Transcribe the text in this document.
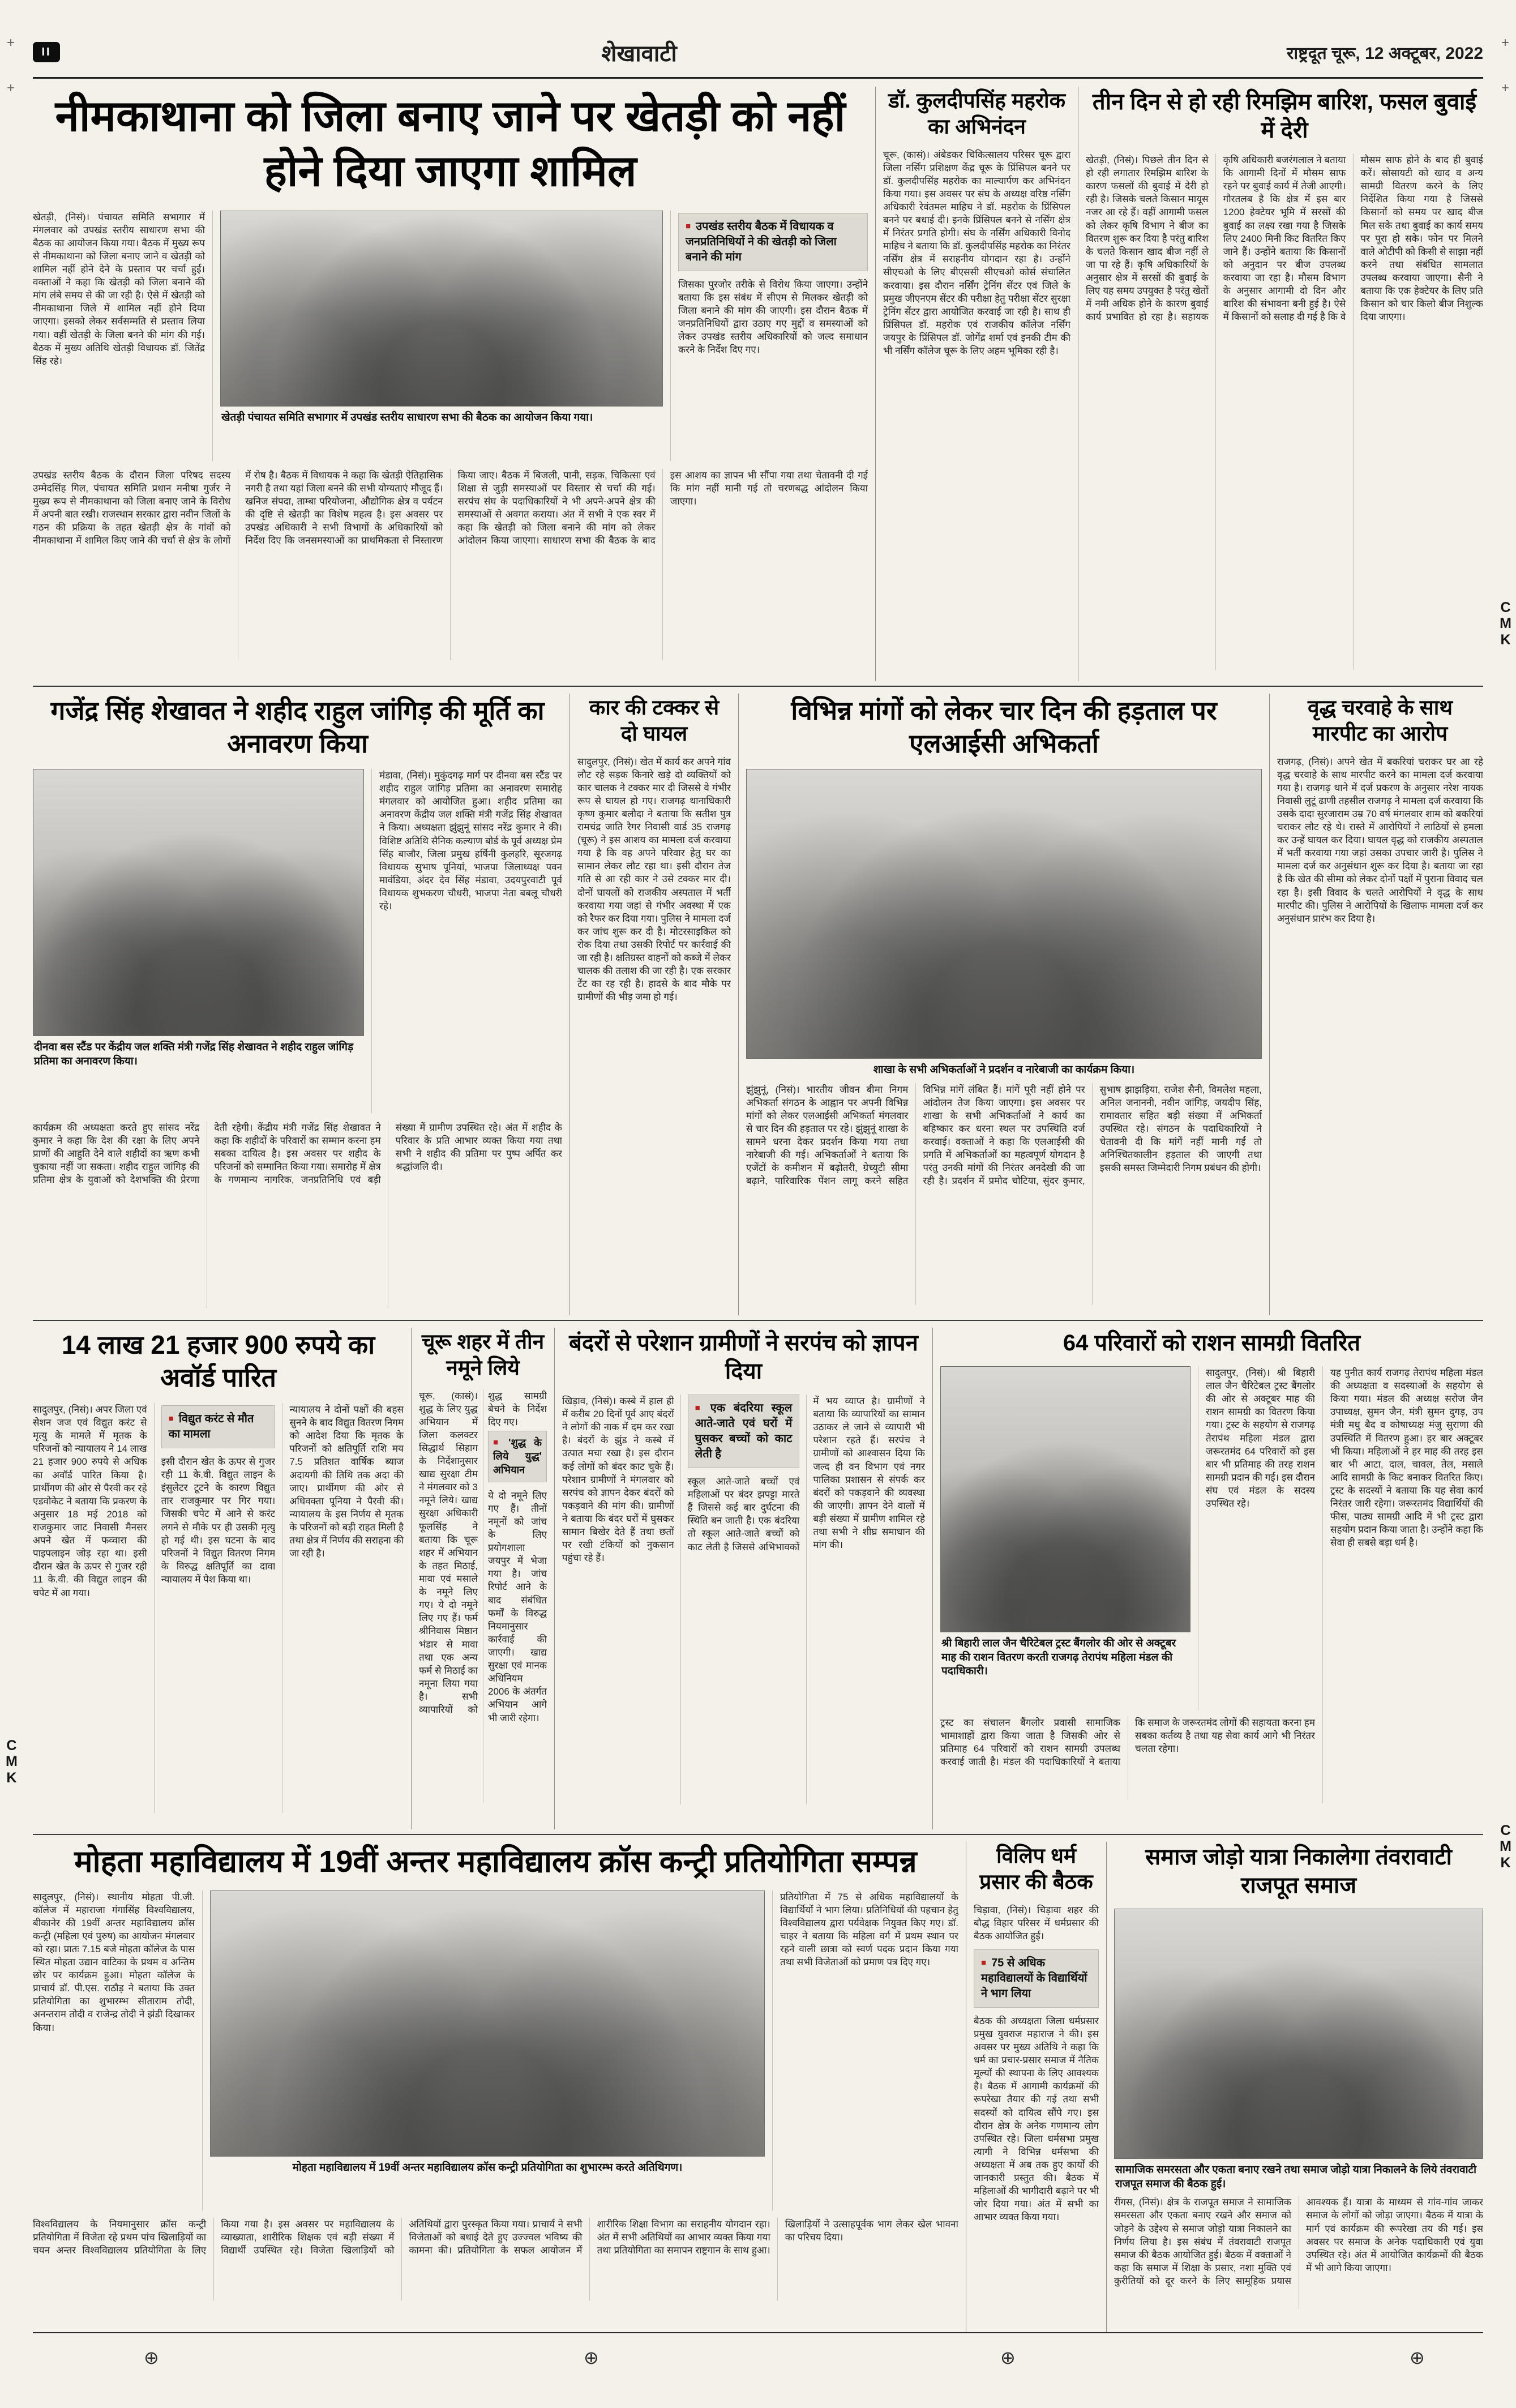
+	+
+	+
C
M
K
C
M
K
C
M
K
II	शेखावाटी	राष्ट्रदूत चूरू, 12 अक्टूबर, 2022
नीमकाथाना को जिला बनाए जाने पर खेतड़ी को नहीं होने दिया जाएगा शामिल
खेतड़ी, (निसं)। पंचायत समिति सभागार में मंगलवार को उपखंड स्तरीय साधारण सभा की बैठक का आयोजन किया गया। बैठक में मुख्य रूप से नीमकाथाना को जिला बनाए जाने व खेतड़ी को शामिल नहीं होने देने के प्रस्ताव पर चर्चा हुई। वक्ताओं ने कहा कि खेतड़ी को जिला बनाने की मांग लंबे समय से की जा रही है। ऐसे में खेतड़ी को नीमकाथाना जिले में शामिल नहीं होने दिया जाएगा। इसको लेकर सर्वसम्मति से प्रस्ताव लिया गया। वहीं खेतड़ी के जिला बनने की मांग की गई। बैठक में मुख्य अतिथि खेतड़ी विधायक डॉ. जितेंद्र सिंह रहे।
खेतड़ी पंचायत समिति सभागार में उपखंड स्तरीय साधारण सभा की बैठक का आयोजन किया गया।
■ उपखंड स्तरीय बैठक में विधायक व जनप्रतिनिधियों ने की खेतड़ी को जिला बनाने की मांग
जिसका पुरजोर तरीके से विरोध किया जाएगा। उन्होंने बताया कि इस संबंध में सीएम से मिलकर खेतड़ी को जिला बनाने की मांग की जाएगी। इस दौरान बैठक में जनप्रतिनिधियों द्वारा उठाए गए मुद्दों व समस्याओं को लेकर उपखंड स्तरीय अधिकारियों को जल्द समाधान करने के निर्देश दिए गए।
उपखंड स्तरीय बैठक के दौरान जिला परिषद सदस्य उम्मेदसिंह गिल, पंचायत समिति प्रधान मनीषा गुर्जर ने मुख्य रूप से नीमकाथाना को जिला बनाए जाने के विरोध में अपनी बात रखी। राजस्थान सरकार द्वारा नवीन जिलों के गठन की प्रक्रिया के तहत खेतड़ी क्षेत्र के गांवों को नीमकाथाना में शामिल किए जाने की चर्चा से क्षेत्र के लोगों में रोष है। बैठक में विधायक ने कहा कि खेतड़ी ऐतिहासिक नगरी है तथा यहां जिला बनने की सभी योग्यताएं मौजूद हैं। खनिज संपदा, ताम्बा परियोजना, औद्योगिक क्षेत्र व पर्यटन की दृष्टि से खेतड़ी का विशेष महत्व है। इस अवसर पर उपखंड अधिकारी ने सभी विभागों के अधिकारियों को निर्देश दिए कि जनसमस्याओं का प्राथमिकता से निस्तारण किया जाए। बैठक में बिजली, पानी, सड़क, चिकित्सा एवं शिक्षा से जुड़ी समस्याओं पर विस्तार से चर्चा की गई। सरपंच संघ के पदाधिकारियों ने भी अपने-अपने क्षेत्र की समस्याओं से अवगत कराया। अंत में सभी ने एक स्वर में कहा कि खेतड़ी को जिला बनाने की मांग को लेकर आंदोलन किया जाएगा। साधारण सभा की बैठक के बाद इस आशय का ज्ञापन भी सौंपा गया तथा चेतावनी दी गई कि मांग नहीं मानी गई तो चरणबद्ध आंदोलन किया जाएगा।
डॉ. कुलदीपसिंह महरोक का अभिनंदन
चूरू, (कासं)। अंबेडकर चिकित्सालय परिसर चूरू द्वारा जिला नर्सिंग प्रशिक्षण केंद्र चूरू के प्रिंसिपल बनने पर डॉ. कुलदीपसिंह महरोक का माल्यार्पण कर अभिनंदन किया गया। इस अवसर पर संघ के अध्यक्ष वरिष्ठ नर्सिंग अधिकारी रेवंतमल माहिच ने डॉ. महरोक के प्रिंसिपल बनने पर बधाई दी। इनके प्रिंसिपल बनने से नर्सिंग क्षेत्र में निरंतर प्रगति होगी। संघ के नर्सिंग अधिकारी विनोद माहिच ने बताया कि डॉ. कुलदीपसिंह महरोक का निरंतर नर्सिंग क्षेत्र में सराहनीय योगदान रहा है। उन्होंने सीएचओ के लिए बीएससी सीएचओ कोर्स संचालित करवाया। इस दौरान नर्सिंग ट्रेनिंग सेंटर एवं जिले के प्रमुख जीएनएम सेंटर की परीक्षा हेतु परीक्षा सेंटर सुरक्षा ट्रेनिंग सेंटर द्वारा आयोजित करवाई जा रही है। साथ ही प्रिंसिपल डॉ. महरोक एवं राजकीय कॉलेज नर्सिंग जयपुर के प्रिंसिपल डॉ. जोगेंद्र शर्मा एवं इनकी टीम की भी नर्सिंग कॉलेज चूरू के लिए अहम भूमिका रही है।
तीन दिन से हो रही रिमझिम बारिश, फसल बुवाई में देरी
खेतड़ी, (निसं)। पिछले तीन दिन से हो रही लगातार रिमझिम बारिश के कारण फसलों की बुवाई में देरी हो रही है। जिसके चलते किसान मायूस नजर आ रहे हैं। वहीं आगामी फसल को लेकर कृषि विभाग ने बीज का वितरण शुरू कर दिया है परंतु बारिश के चलते किसान खाद बीज नहीं ले जा पा रहे हैं। कृषि अधिकारियों के अनुसार क्षेत्र में सरसों की बुवाई के लिए यह समय उपयुक्त है परंतु खेतों में नमी अधिक होने के कारण बुवाई कार्य प्रभावित हो रहा है। सहायक कृषि अधिकारी बजरंगलाल ने बताया कि आगामी दिनों में मौसम साफ रहने पर बुवाई कार्य में तेजी आएगी। गौरतलब है कि क्षेत्र में इस बार 1200 हेक्टेयर भूमि में सरसों की बुवाई का लक्ष्य रखा गया है जिसके लिए 2400 मिनी किट वितरित किए जाने हैं। उन्होंने बताया कि किसानों को अनुदान पर बीज उपलब्ध करवाया जा रहा है। मौसम विभाग के अनुसार आगामी दो दिन और बारिश की संभावना बनी हुई है। ऐसे में किसानों को सलाह दी गई है कि वे मौसम साफ होने के बाद ही बुवाई करें। सोसायटी को खाद व अन्य सामग्री वितरण करने के लिए निर्देशित किया गया है जिससे किसानों को समय पर खाद बीज मिल सके तथा बुवाई का कार्य समय पर पूरा हो सके। फोन पर मिलने वाले ओटीपी को किसी से साझा नहीं करने तथा संबंधित सामलात उपलब्ध करवाया जाएगा। सैनी ने बताया कि एक हेक्टेयर के लिए प्रति किसान को चार किलो बीज निशुल्क दिया जाएगा।
गजेंद्र सिंह शेखावत ने शहीद राहुल जांगिड़ की मूर्ति का अनावरण किया
दीनवा बस स्टैंड पर केंद्रीय जल शक्ति मंत्री गजेंद्र सिंह शेखावत ने शहीद राहुल जांगिड़ प्रतिमा का अनावरण किया।
मंडावा, (निसं)। मुकुंदगढ़ मार्ग पर दीनवा बस स्टैंड पर शहीद राहुल जांगिड़ प्रतिमा का अनावरण समारोह मंगलवार को आयोजित हुआ। शहीद प्रतिमा का अनावरण केंद्रीय जल शक्ति मंत्री गजेंद्र सिंह शेखावत ने किया। अध्यक्षता झुंझुनूं सांसद नरेंद्र कुमार ने की। विशिष्ट अतिथि सैनिक कल्याण बोर्ड के पूर्व अध्यक्ष प्रेम सिंह बाजौर, जिला प्रमुख हर्षिनी कुलहरि, सूरजगढ़ विधायक सुभाष पूनियां, भाजपा जिलाध्यक्ष पवन मावंडिया, अंदर देव सिंह मंडावा, उदयपुरवाटी पूर्व विधायक शुभकरण चौधरी, भाजपा नेता बबलू चौधरी रहे।
कार्यक्रम की अध्यक्षता करते हुए सांसद नरेंद्र कुमार ने कहा कि देश की रक्षा के लिए अपने प्राणों की आहुति देने वाले शहीदों का ऋण कभी चुकाया नहीं जा सकता। शहीद राहुल जांगिड़ की प्रतिमा क्षेत्र के युवाओं को देशभक्ति की प्रेरणा देती रहेगी। केंद्रीय मंत्री गजेंद्र सिंह शेखावत ने कहा कि शहीदों के परिवारों का सम्मान करना हम सबका दायित्व है। इस अवसर पर शहीद के परिजनों को सम्मानित किया गया। समारोह में क्षेत्र के गणमान्य नागरिक, जनप्रतिनिधि एवं बड़ी संख्या में ग्रामीण उपस्थित रहे। अंत में शहीद के परिवार के प्रति आभार व्यक्त किया गया तथा सभी ने शहीद की प्रतिमा पर पुष्प अर्पित कर श्रद्धांजलि दी।
कार की टक्कर से दो घायल
सादुलपुर, (निसं)। खेत में कार्य कर अपने गांव लौट रहे सड़क किनारे खड़े दो व्यक्तियों को कार चालक ने टक्कर मार दी जिससे वे गंभीर रूप से घायल हो गए। राजगढ़ थानाधिकारी कृष्ण कुमार बलौदा ने बताया कि सतीश पुत्र रामचंद्र जाति रैगर निवासी वार्ड 35 राजगढ़ (चूरू) ने इस आशय का मामला दर्ज करवाया गया है कि वह अपने परिवार हेतु घर का सामान लेकर लौट रहा था। इसी दौरान तेज गति से आ रही कार ने उसे टक्कर मार दी। दोनों घायलों को राजकीय अस्पताल में भर्ती करवाया गया जहां से गंभीर अवस्था में एक को रैफर कर दिया गया। पुलिस ने मामला दर्ज कर जांच शुरू कर दी है। मोटरसाइकिल को रोक दिया तथा उसकी रिपोर्ट पर कार्रवाई की जा रही है। क्षतिग्रस्त वाहनों को कब्जे में लेकर चालक की तलाश की जा रही है। एक सरकार टेंट का रह रही है। हादसे के बाद मौके पर ग्रामीणों की भीड़ जमा हो गई।
विभिन्न मांगों को लेकर चार दिन की हड़ताल पर एलआईसी अभिकर्ता
शाखा के सभी अभिकर्ताओं ने प्रदर्शन व नारेबाजी का कार्यक्रम किया।
झुंझुनूं, (निसं)। भारतीय जीवन बीमा निगम अभिकर्ता संगठन के आह्वान पर अपनी विभिन्न मांगों को लेकर एलआईसी अभिकर्ता मंगलवार से चार दिन की हड़ताल पर रहे। झुंझुनूं शाखा के सामने धरना देकर प्रदर्शन किया गया तथा नारेबाजी की गई। अभिकर्ताओं ने बताया कि एजेंटों के कमीशन में बढ़ोतरी, ग्रेच्युटी सीमा बढ़ाने, पारिवारिक पेंशन लागू करने सहित विभिन्न मांगें लंबित हैं। मांगें पूरी नहीं होने पर आंदोलन तेज किया जाएगा। इस अवसर पर शाखा के सभी अभिकर्ताओं ने कार्य का बहिष्कार कर धरना स्थल पर उपस्थिति दर्ज करवाई। वक्ताओं ने कहा कि एलआईसी की प्रगति में अभिकर्ताओं का महत्वपूर्ण योगदान है परंतु उनकी मांगों की निरंतर अनदेखी की जा रही है। प्रदर्शन में प्रमोद चोटिया, सुंदर कुमार, सुभाष झाझड़िया, राजेश सैनी, विमलेश महला, अनिल जनाननी, नवीन जांगिड़, जयदीप सिंह, रामावतार सहित बड़ी संख्या में अभिकर्ता उपस्थित रहे। संगठन के पदाधिकारियों ने चेतावनी दी कि मांगें नहीं मानी गईं तो अनिश्चितकालीन हड़ताल की जाएगी तथा इसकी समस्त जिम्मेदारी निगम प्रबंधन की होगी।
वृद्ध चरवाहे के साथ मारपीट का आरोप
राजगढ़, (निसं)। अपने खेत में बकरियां चराकर घर आ रहे वृद्ध चरवाहे के साथ मारपीट करने का मामला दर्ज करवाया गया है। राजगढ़ थाने में दर्ज प्रकरण के अनुसार नरेश नायक निवासी लुटूं ढाणी तहसील राजगढ़ ने मामला दर्ज करवाया कि उसके दादा सुरजाराम उम्र 70 वर्ष मंगलवार शाम को बकरियां चराकर लौट रहे थे। रास्ते में आरोपियों ने लाठियों से हमला कर उन्हें घायल कर दिया। घायल वृद्ध को राजकीय अस्पताल में भर्ती करवाया गया जहां उसका उपचार जारी है। पुलिस ने मामला दर्ज कर अनुसंधान शुरू कर दिया है। बताया जा रहा है कि खेत की सीमा को लेकर दोनों पक्षों में पुराना विवाद चल रहा है। इसी विवाद के चलते आरोपियों ने वृद्ध के साथ मारपीट की। पुलिस ने आरोपियों के खिलाफ मामला दर्ज कर अनुसंधान प्रारंभ कर दिया है।
14 लाख 21 हजार 900 रुपये का अवॉर्ड पारित
सादुलपुर, (निसं)। अपर जिला एवं सेशन जज एवं विद्युत करंट से मृत्यु के मामले में मृतक के परिजनों को न्यायालय ने 14 लाख 21 हजार 900 रुपये से अधिक का अवॉर्ड पारित किया है। प्रार्थीगण की ओर से पैरवी कर रहे एडवोकेट ने बताया कि प्रकरण के अनुसार 18 मई 2018 को राजकुमार जाट निवासी मैनसर अपने खेत में फव्वारा की पाइपलाइन जोड़ रहा था। इसी दौरान खेत के ऊपर से गुजर रही 11 के.वी. की विद्युत लाइन की चपेट में आ गया।
■ विद्युत करंट से मौत का मामला
इसी दौरान खेत के ऊपर से गुजर रही 11 के.वी. विद्युत लाइन के इंसुलेटर टूटने के कारण विद्युत तार राजकुमार पर गिर गया। जिसकी चपेट में आने से करंट लगने से मौके पर ही उसकी मृत्यु हो गई थी। इस घटना के बाद परिजनों ने विद्युत वितरण निगम के विरुद्ध क्षतिपूर्ति का दावा न्यायालय में पेश किया था।
न्यायालय ने दोनों पक्षों की बहस सुनने के बाद विद्युत वितरण निगम को आदेश दिया कि मृतक के परिजनों को क्षतिपूर्ति राशि मय 7.5 प्रतिशत वार्षिक ब्याज अदायगी की तिथि तक अदा की जाए। प्रार्थीगण की ओर से अधिवक्ता पूनिया ने पैरवी की। न्यायालय के इस निर्णय से मृतक के परिजनों को बड़ी राहत मिली है तथा क्षेत्र में निर्णय की सराहना की जा रही है।
चूरू शहर में तीन नमूने लिये
चूरू, (कासं)। शुद्ध के लिए युद्ध अभियान में जिला कलक्टर सिद्धार्थ सिहाग के निर्देशानुसार खाद्य सुरक्षा टीम ने मंगलवार को 3 नमूने लिये। खाद्य सुरक्षा अधिकारी फूलसिंह ने बताया कि चूरू शहर में अभियान के तहत मिठाई, मावा एवं मसाले के नमूने लिए गए। ये दो नमूने लिए गए हैं। फर्म श्रीनिवास मिष्ठान भंडार से मावा तथा एक अन्य फर्म से मिठाई का नमूना लिया गया है। सभी व्यापारियों को शुद्ध सामग्री बेचने के निर्देश दिए गए।
■ 'शुद्ध के लिये युद्ध' अभियान
ये दो नमूने लिए गए हैं। तीनों नमूनों को जांच के लिए प्रयोगशाला जयपुर में भेजा गया है। जांच रिपोर्ट आने के बाद संबंधित फर्मों के विरुद्ध नियमानुसार कार्रवाई की जाएगी। खाद्य सुरक्षा एवं मानक अधिनियम 2006 के अंतर्गत अभियान आगे भी जारी रहेगा।
बंदरों से परेशान ग्रामीणों ने सरपंच को ज्ञापन दिया
खिड़ाव, (निसं)। कस्बे में हाल ही में करीब 20 दिनों पूर्व आए बंदरों ने लोगों की नाक में दम कर रखा है। बंदरों के झुंड ने कस्बे में उत्पात मचा रखा है। इस दौरान कई लोगों को बंदर काट चुके हैं। परेशान ग्रामीणों ने मंगलवार को सरपंच को ज्ञापन देकर बंदरों को पकड़वाने की मांग की। ग्रामीणों ने बताया कि बंदर घरों में घुसकर सामान बिखेर देते हैं तथा छतों पर रखी टंकियों को नुकसान पहुंचा रहे हैं।
■ एक बंदरिया स्कूल आते-जाते एवं घरों में घुसकर बच्चों को काट लेती है
स्कूल आते-जाते बच्चों एवं महिलाओं पर बंदर झपट्टा मारते हैं जिससे कई बार दुर्घटना की स्थिति बन जाती है। एक बंदरिया तो स्कूल आते-जाते बच्चों को काट लेती है जिससे अभिभावकों में भय व्याप्त है। ग्रामीणों ने बताया कि व्यापारियों का सामान उठाकर ले जाने से व्यापारी भी परेशान रहते हैं। सरपंच ने ग्रामीणों को आश्वासन दिया कि जल्द ही वन विभाग एवं नगर पालिका प्रशासन से संपर्क कर बंदरों को पकड़वाने की व्यवस्था की जाएगी। ज्ञापन देने वालों में बड़ी संख्या में ग्रामीण शामिल रहे तथा सभी ने शीघ्र समाधान की मांग की।
64 परिवारों को राशन सामग्री वितरित
श्री बिहारी लाल जैन चैरिटेबल ट्रस्ट बैंगलोर की ओर से अक्टूबर माह की राशन वितरण करती राजगढ़ तेरापंथ महिला मंडल की पदाधिकारी।
सादुलपुर, (निसं)। श्री बिहारी लाल जैन चैरिटेबल ट्रस्ट बैंगलोर की ओर से अक्टूबर माह की राशन सामग्री का वितरण किया गया। ट्रस्ट के सहयोग से राजगढ़ तेरापंथ महिला मंडल द्वारा जरूरतमंद 64 परिवारों को इस बार भी प्रतिमाह की तरह राशन सामग्री प्रदान की गई। इस दौरान संघ एवं मंडल के सदस्य उपस्थित रहे।
ट्रस्ट का संचालन बैंगलोर प्रवासी सामाजिक भामाशाहों द्वारा किया जाता है जिसकी ओर से प्रतिमाह 64 परिवारों को राशन सामग्री उपलब्ध करवाई जाती है। मंडल की पदाधिकारियों ने बताया कि समाज के जरूरतमंद लोगों की सहायता करना हम सबका कर्तव्य है तथा यह सेवा कार्य आगे भी निरंतर चलता रहेगा।
यह पुनीत कार्य राजगढ़ तेरापंथ महिला मंडल की अध्यक्षता व सदस्याओं के सहयोग से किया गया। मंडल की अध्यक्ष सरोज जैन उपाध्यक्ष, सुमन जैन, मंत्री सुमन दुगड़, उप मंत्री मधु बैद व कोषाध्यक्ष मंजु सुराणा की उपस्थिति में वितरण हुआ। हर बार अक्टूबर भी किया। महिलाओं ने हर माह की तरह इस बार भी आटा, दाल, चावल, तेल, मसाले आदि सामग्री के किट बनाकर वितरित किए। ट्रस्ट के सदस्यों ने बताया कि यह सेवा कार्य निरंतर जारी रहेगा। जरूरतमंद विद्यार्थियों की फीस, पाठ्य सामग्री आदि में भी ट्रस्ट द्वारा सहयोग प्रदान किया जाता है। उन्होंने कहा कि सेवा ही सबसे बड़ा धर्म है।
मोहता महाविद्यालय में 19वीं अन्तर महाविद्यालय क्रॉस कन्ट्री प्रतियोगिता सम्पन्न
सादुलपुर, (निसं)। स्थानीय मोहता पी.जी. कॉलेज में महाराजा गंगासिंह विश्वविद्यालय, बीकानेर की 19वीं अन्तर महाविद्यालय क्रॉस कन्ट्री (महिला एवं पुरुष) का आयोजन मंगलवार को रहा। प्रातः 7.15 बजे मोहता कॉलेज के पास स्थित मोहता उद्यान वाटिका के प्रथम व अन्तिम छोर पर कार्यक्रम हुआ। मोहता कॉलेज के प्राचार्य डॉ. पी.एस. राठौड़ ने बताया कि उक्त प्रतियोगिता का शुभारम्भ सीताराम तोदी, अनन्तराम तोदी व राजेन्द्र तोदी ने झंडी दिखाकर किया।
मोहता महाविद्यालय में 19वीं अन्तर महाविद्यालय क्रॉस कन्ट्री प्रतियोगिता का शुभारम्भ करते अतिथिगण।
प्रतियोगिता में 75 से अधिक महाविद्यालयों के विद्यार्थियों ने भाग लिया। प्रतिनिधियों की पहचान हेतु विश्वविद्यालय द्वारा पर्यवेक्षक नियुक्त किए गए। डॉ. चाहर ने बताया कि महिला वर्ग में प्रथम स्थान पर रहने वाली छात्रा को स्वर्ण पदक प्रदान किया गया तथा सभी विजेताओं को प्रमाण पत्र दिए गए।
विश्वविद्यालय के नियमानुसार क्रॉस कन्ट्री प्रतियोगिता में विजेता रहे प्रथम पांच खिलाड़ियों का चयन अन्तर विश्वविद्यालय प्रतियोगिता के लिए किया गया है। इस अवसर पर महाविद्यालय के व्याख्याता, शारीरिक शिक्षक एवं बड़ी संख्या में विद्यार्थी उपस्थित रहे। विजेता खिलाड़ियों को अतिथियों द्वारा पुरस्कृत किया गया। प्राचार्य ने सभी विजेताओं को बधाई देते हुए उज्ज्वल भविष्य की कामना की। प्रतियोगिता के सफल आयोजन में शारीरिक शिक्षा विभाग का सराहनीय योगदान रहा। अंत में सभी अतिथियों का आभार व्यक्त किया गया तथा प्रतियोगिता का समापन राष्ट्रगान के साथ हुआ। खिलाड़ियों ने उत्साहपूर्वक भाग लेकर खेल भावना का परिचय दिया।
विलिप धर्म प्रसार की बैठक
चिड़ावा, (निसं)। चिड़ावा शहर की बौद्ध विहार परिसर में धर्मप्रसार की बैठक आयोजित हुई।
■ 75 से अधिक महाविद्यालयों के विद्यार्थियों ने भाग लिया
बैठक की अध्यक्षता जिला धर्मप्रसार प्रमुख युवराज महाराज ने की। इस अवसर पर मुख्य अतिथि ने कहा कि धर्म का प्रचार-प्रसार समाज में नैतिक मूल्यों की स्थापना के लिए आवश्यक है। बैठक में आगामी कार्यक्रमों की रूपरेखा तैयार की गई तथा सभी सदस्यों को दायित्व सौंपे गए। इस दौरान क्षेत्र के अनेक गणमान्य लोग उपस्थित रहे। जिला धर्मसभा प्रमुख त्यागी ने विभिन्न धर्मसभा की अध्यक्षता में अब तक हुए कार्यों की जानकारी प्रस्तुत की। बैठक में महिलाओं की भागीदारी बढ़ाने पर भी जोर दिया गया। अंत में सभी का आभार व्यक्त किया गया।
समाज जोड़ो यात्रा निकालेगा तंवरावाटी राजपूत समाज
सामाजिक समरसता और एकता बनाए रखने तथा समाज जोड़ो यात्रा निकालने के लिये तंवरावाटी राजपूत समाज की बैठक हुई।
रींगस, (निसं)। क्षेत्र के राजपूत समाज ने सामाजिक समरसता और एकता बनाए रखने और समाज को जोड़ने के उद्देश्य से समाज जोड़ो यात्रा निकालने का निर्णय लिया है। इस संबंध में तंवरावाटी राजपूत समाज की बैठक आयोजित हुई। बैठक में वक्ताओं ने कहा कि समाज में शिक्षा के प्रसार, नशा मुक्ति एवं कुरीतियों को दूर करने के लिए सामूहिक प्रयास आवश्यक हैं। यात्रा के माध्यम से गांव-गांव जाकर समाज के लोगों को जोड़ा जाएगा। बैठक में यात्रा के मार्ग एवं कार्यक्रम की रूपरेखा तय की गई। इस अवसर पर समाज के अनेक पदाधिकारी एवं युवा उपस्थित रहे। अंत में आयोजित कार्यक्रमों की बैठक में भी आगे किया जाएगा।
⊕	⊕	⊕	⊕
